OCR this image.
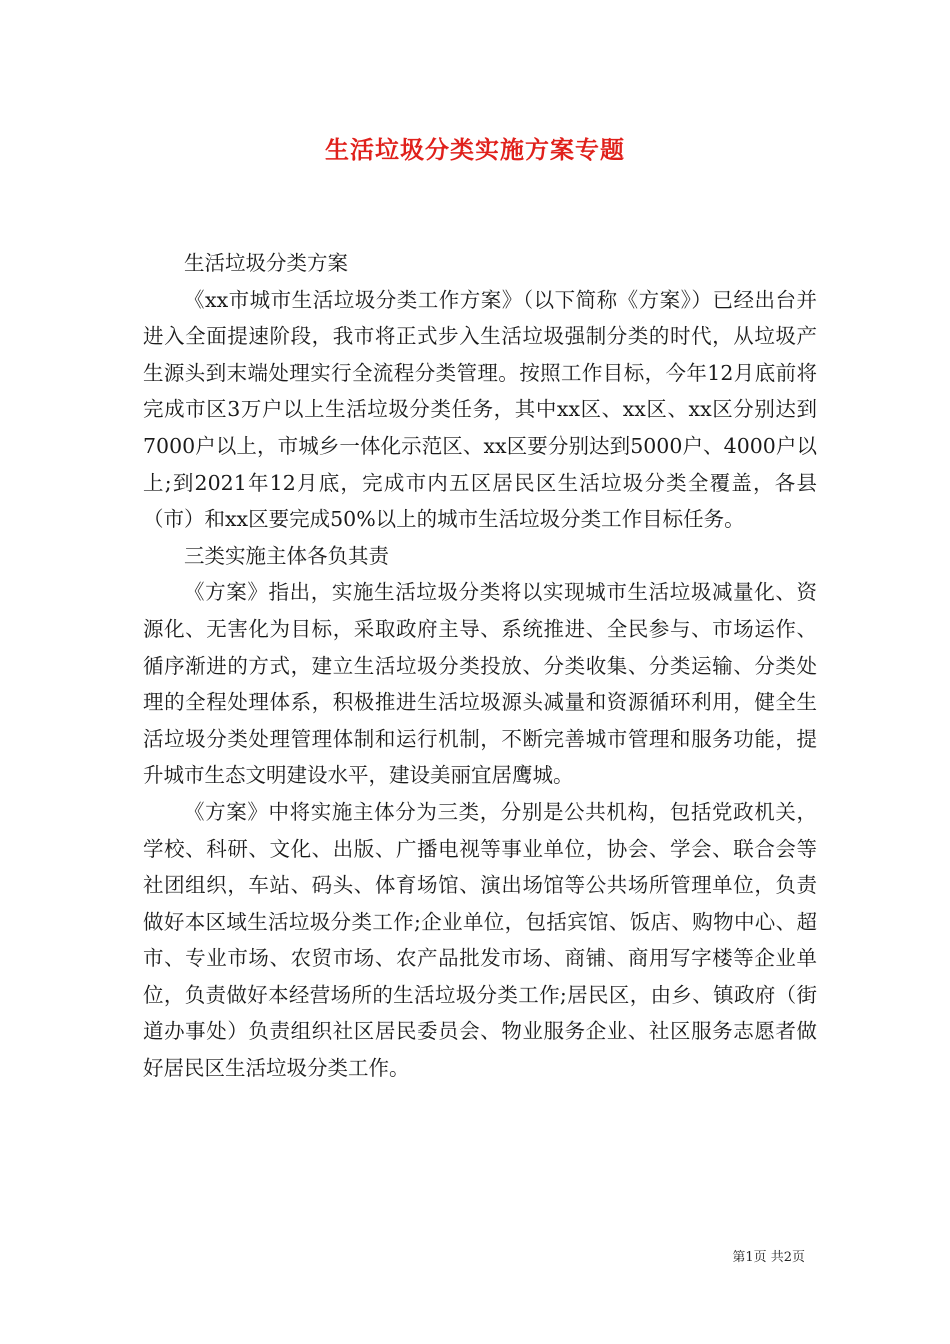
生活垃圾分类实施方案专题

生活垃圾分类方案

《xx市城市生活垃圾分类工作方案》（以下简称《方案》）已经出台并进入全面提速阶段，我市将正式步入生活垃圾强制分类的时代，从垃圾产生源头到末端处理实行全流程分类管理。按照工作目标，今年12月底前将完成市区3万户以上生活垃圾分类任务，其中xx区、xx区、xx区分别达到7000户以上，市城乡一体化示范区、xx区要分别达到5000户、4000户以上;到2021年12月底，完成市内五区居民区生活垃圾分类全覆盖，各县（市）和xx区要完成50%以上的城市生活垃圾分类工作目标任务。

三类实施主体各负其责

《方案》指出，实施生活垃圾分类将以实现城市生活垃圾减量化、资源化、无害化为目标，采取政府主导、系统推进、全民参与、市场运作、循序渐进的方式，建立生活垃圾分类投放、分类收集、分类运输、分类处理的全程处理体系，积极推进生活垃圾源头减量和资源循环利用，健全生活垃圾分类处理管理体制和运行机制，不断完善城市管理和服务功能，提升城市生态文明建设水平，建设美丽宜居鹰城。

《方案》中将实施主体分为三类，分别是公共机构，包括党政机关，学校、科研、文化、出版、广播电视等事业单位，协会、学会、联合会等社团组织，车站、码头、体育场馆、演出场馆等公共场所管理单位，负责做好本区域生活垃圾分类工作;企业单位，包括宾馆、饭店、购物中心、超市、专业市场、农贸市场、农产品批发市场、商铺、商用写字楼等企业单位，负责做好本经营场所的生活垃圾分类工作;居民区，由乡、镇政府（街道办事处）负责组织社区居民委员会、物业服务企业、社区服务志愿者做好居民区生活垃圾分类工作。

第1页 共2页
